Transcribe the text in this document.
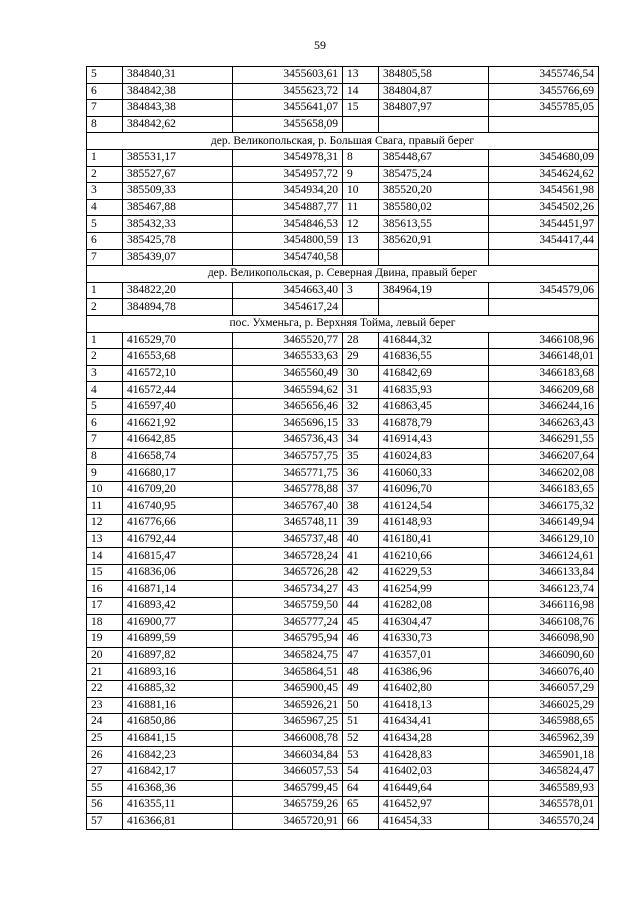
59
5	384840,31	3455603,61	13	384805,58	3455746,54
6	384842,38	3455623,72	14	384804,87	3455766,69
7	384843,38	3455641,07	15	384807,97	3455785,05
8	384842,62	3455658,09			
дер. Великопольская, р. Большая Свага, правый берег					
1	385531,17	3454978,31	8	385448,67	3454680,09
2	385527,67	3454957,72	9	385475,24	3454624,62
3	385509,33	3454934,20	10	385520,20	3454561,98
4	385467,88	3454887,77	11	385580,02	3454502,26
5	385432,33	3454846,53	12	385613,55	3454451,97
6	385425,78	3454800,59	13	385620,91	3454417,44
7	385439,07	3454740,58			
дер. Великопольская, р. Северная Двина, правый берег					
1	384822,20	3454663,40	3	384964,19	3454579,06
2	384894,78	3454617,24			
пос. Ухменьга, р. Верхняя Тойма, левый берег					
1	416529,70	3465520,77	28	416844,32	3466108,96
2	416553,68	3465533,63	29	416836,55	3466148,01
3	416572,10	3465560,49	30	416842,69	3466183,68
4	416572,44	3465594,62	31	416835,93	3466209,68
5	416597,40	3465656,46	32	416863,45	3466244,16
6	416621,92	3465696,15	33	416878,79	3466263,43
7	416642,85	3465736,43	34	416914,43	3466291,55
8	416658,74	3465757,75	35	416024,83	3466207,64
9	416680,17	3465771,75	36	416060,33	3466202,08
10	416709,20	3465778,88	37	416096,70	3466183,65
11	416740,95	3465767,40	38	416124,54	3466175,32
12	416776,66	3465748,11	39	416148,93	3466149,94
13	416792,44	3465737,48	40	416180,41	3466129,10
14	416815,47	3465728,24	41	416210,66	3466124,61
15	416836,06	3465726,28	42	416229,53	3466133,84
16	416871,14	3465734,27	43	416254,99	3466123,74
17	416893,42	3465759,50	44	416282,08	3466116,98
18	416900,77	3465777,24	45	416304,47	3466108,76
19	416899,59	3465795,94	46	416330,73	3466098,90
20	416897,82	3465824,75	47	416357,01	3466090,60
21	416893,16	3465864,51	48	416386,96	3466076,40
22	416885,32	3465900,45	49	416402,80	3466057,29
23	416881,16	3465926,21	50	416418,13	3466025,29
24	416850,86	3465967,25	51	416434,41	3465988,65
25	416841,15	3466008,78	52	416434,28	3465962,39
26	416842,23	3466034,84	53	416428,83	3465901,18
27	416842,17	3466057,53	54	416402,03	3465824,47
55	416368,36	3465799,45	64	416449,64	3465589,93
56	416355,11	3465759,26	65	416452,97	3465578,01
57	416366,81	3465720,91	66	416454,33	3465570,24
